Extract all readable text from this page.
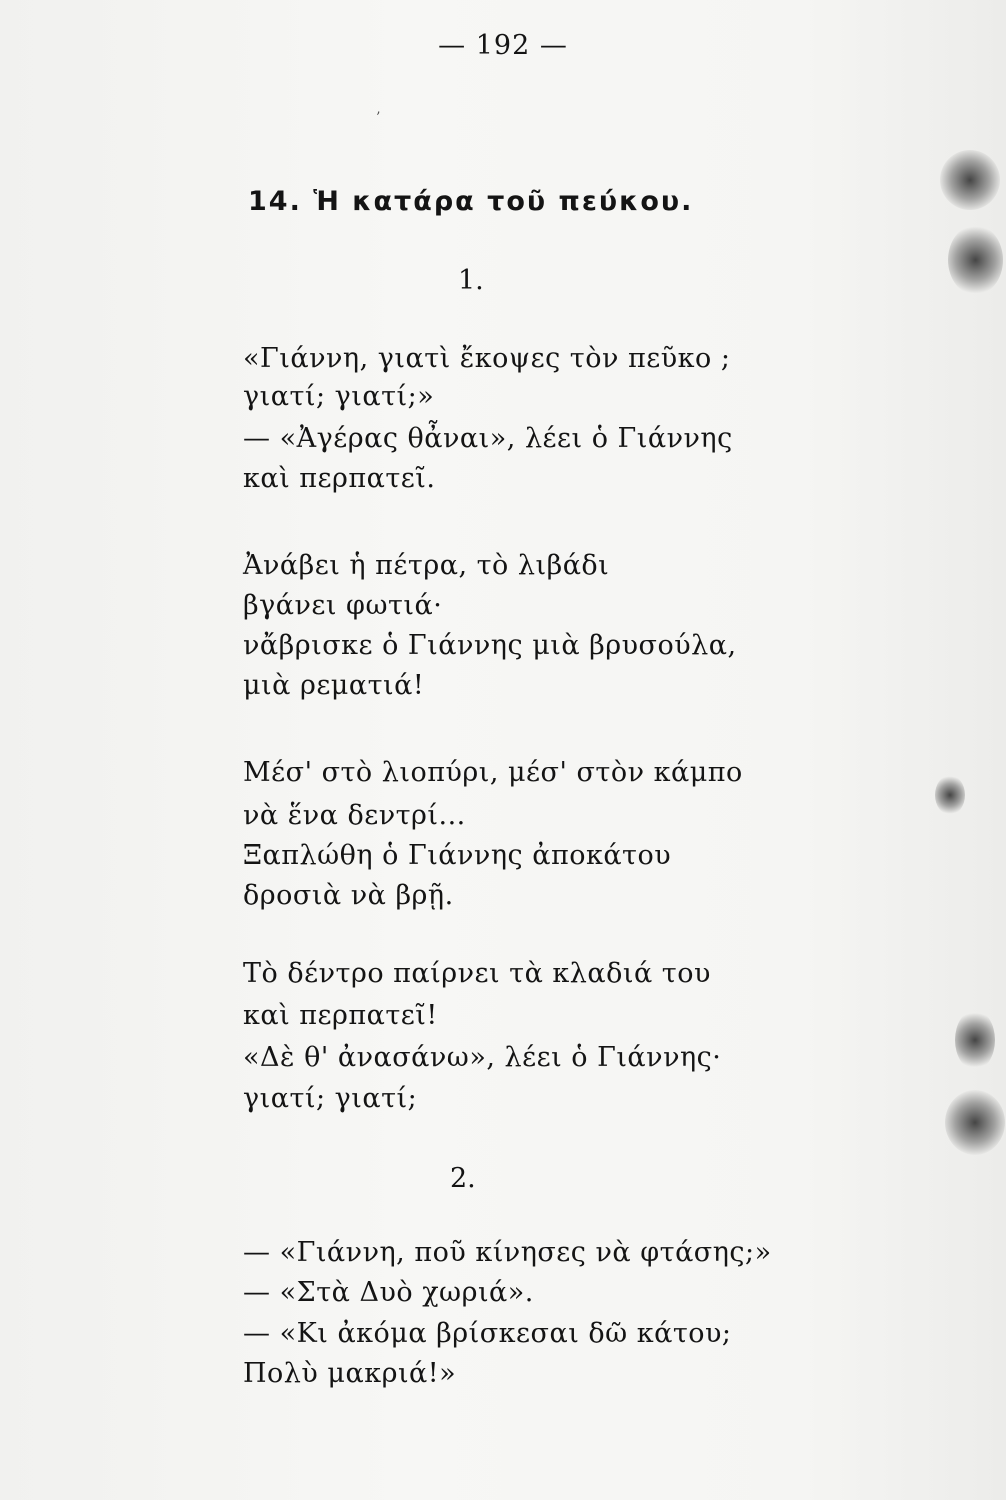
— 192 —
’
14. Ἡ κατάρα τοῦ πεύκου.
1.
«Γιάννη, γιατὶ ἔκοψες τὸν πεῦκο ;
γιατί; γιατί;»
— «Ἀγέρας θἆναι», λέει ὁ Γιάννης
καὶ περπατεῖ.
Ἀνάβει ἡ πέτρα, τὸ λιβάδι
βγάνει φωτιά·
νἄβρισκε ὁ Γιάννης μιὰ βρυσούλα,
μιὰ ρεματιά!
Μέσ' στὸ λιοπύρι, μέσ' στὸν κάμπο
νὰ ἕνα δεντρί...
Ξαπλώθη ὁ Γιάννης ἀποκάτου
δροσιὰ νὰ βρῇ.
Τὸ δέντρο παίρνει τὰ κλαδιά του
καὶ περπατεῖ!
«Δὲ θ' ἀνασάνω», λέει ὁ Γιάννης·
γιατί; γιατί;
2.
— «Γιάννη, ποῦ κίνησες νὰ φτάσης;»
— «Στὰ Δυὸ χωριά».
— «Κι ἀκόμα βρίσκεσαι δῶ κάτου;
Πολὺ μακριά!»
